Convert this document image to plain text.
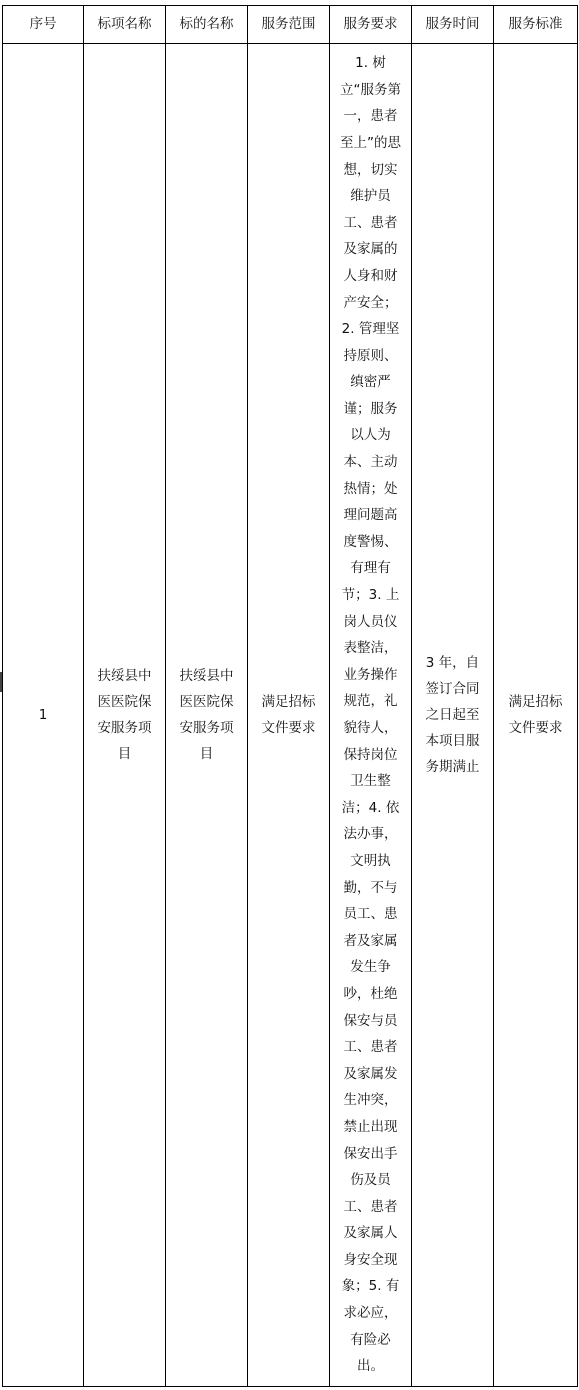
序号	标项名称	标的名称	服务范围	服务要求	服务时间	服务标准

1	扶绥县中医医院保安服务项目	扶绥县中医医院保安服务项目	满足招标文件要求	1. 树立“服务第一，患者至上”的思想，切实维护员工、患者及家属的人身和财产安全；2. 管理坚持原则、缜密严谨；服务以人为本、主动热情；处理问题高度警惕、有理有节；3. 上岗人员仪表整洁，业务操作规范，礼貌待人，保持岗位卫生整洁；4. 依法办事，文明执勤，不与员工、患者及家属发生争吵，杜绝保安与员工、患者及家属发生冲突，禁止出现保安出手伤及员工、患者及家属人身安全现象；5. 有求必应，有险必出。	3 年，自签订合同之日起至本项目服务期满止	满足招标文件要求
